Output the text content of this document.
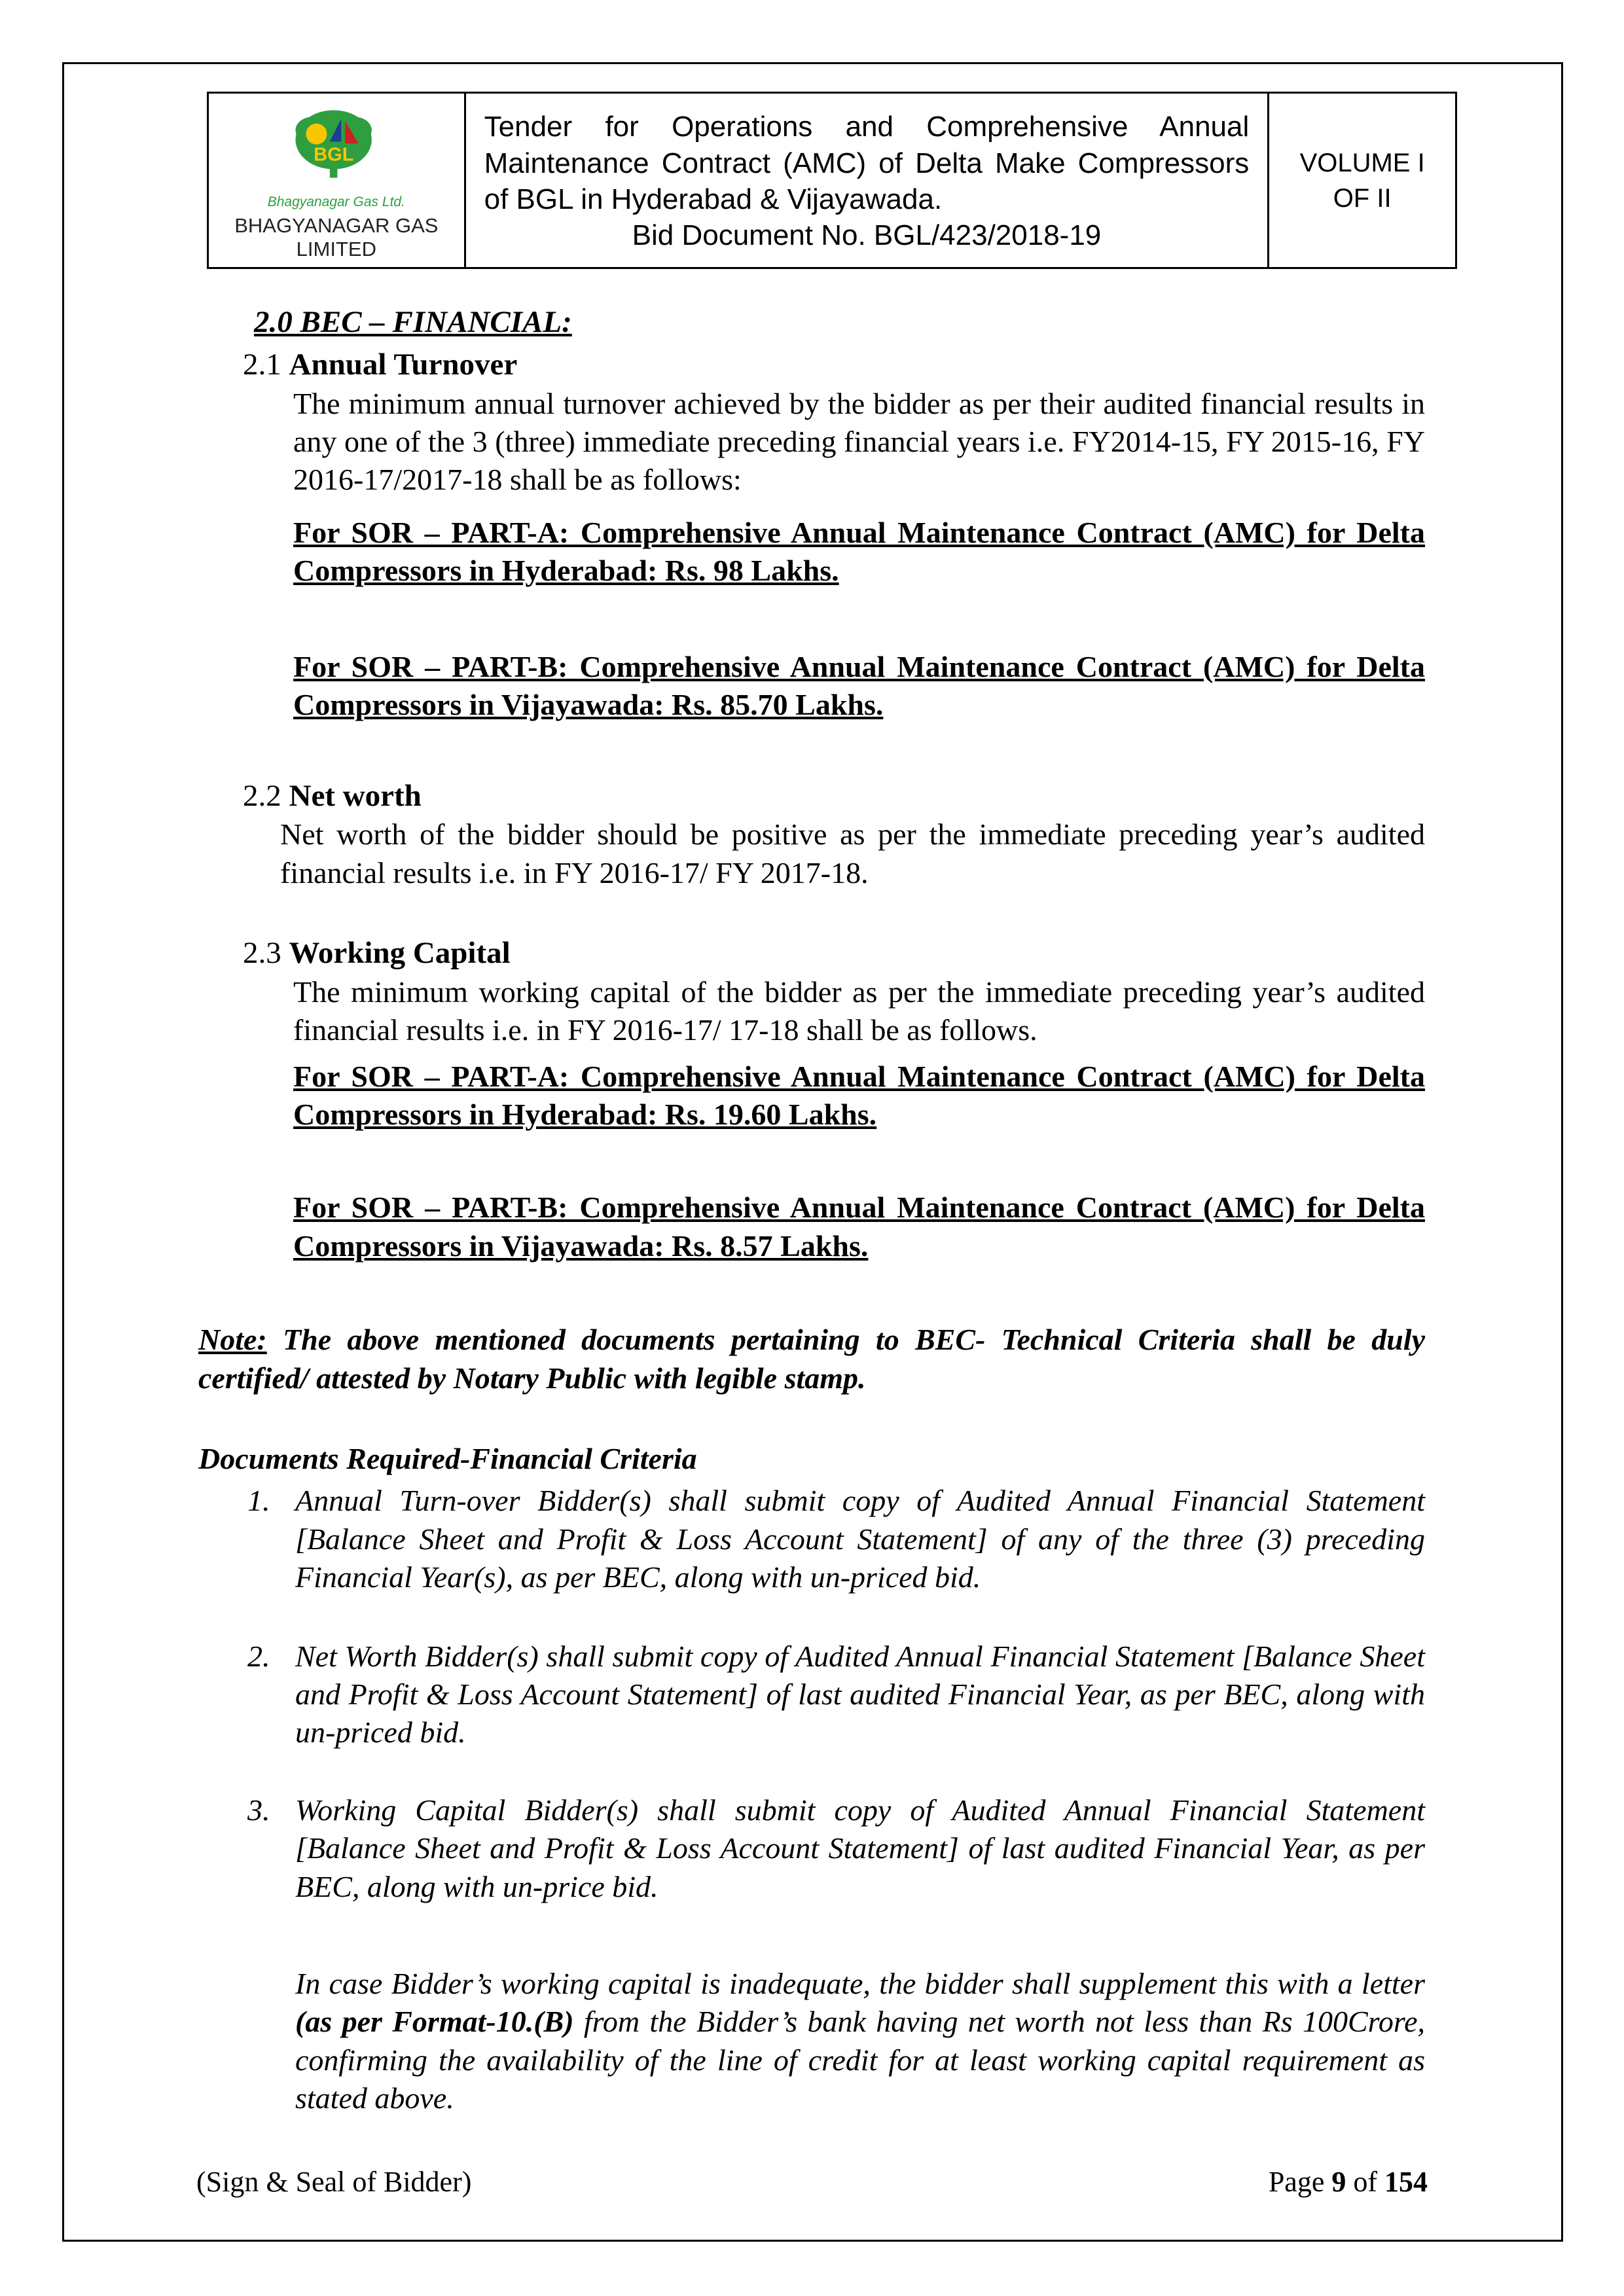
BGL
Bhagyanagar Gas Ltd.
BHAGYANAGAR GAS
LIMITED

Tender for Operations and Comprehensive Annual Maintenance Contract (AMC) of Delta Make Compressors of BGL in Hyderabad & Vijayawada.
Bid Document No. BGL/423/2018-19
	VOLUME I
OF II
2.0 BEC – FINANCIAL:
2.1 Annual Turnover
The minimum annual turnover achieved by the bidder as per their audited financial results in any one of the 3 (three) immediate preceding financial years i.e. FY2014-15, FY 2015-16, FY 2016-17/2017-18 shall be as follows:
For SOR – PART-A: Comprehensive Annual Maintenance Contract (AMC) for Delta Compressors in Hyderabad: Rs. 98 Lakhs.
For SOR – PART-B: Comprehensive Annual Maintenance Contract (AMC) for Delta Compressors in Vijayawada: Rs. 85.70 Lakhs.
2.2 Net worth
Net worth of the bidder should be positive as per the immediate preceding year’s audited financial results i.e. in FY 2016-17/ FY 2017-18.
2.3 Working Capital
The minimum working capital of the bidder as per the immediate preceding year’s audited financial results i.e. in FY 2016-17/ 17-18 shall be as follows.
For SOR – PART-A: Comprehensive Annual Maintenance Contract (AMC) for Delta Compressors in Hyderabad: Rs. 19.60 Lakhs.
For SOR – PART-B: Comprehensive Annual Maintenance Contract (AMC) for Delta Compressors in Vijayawada: Rs. 8.57 Lakhs.
Note: The above mentioned documents pertaining to BEC- Technical Criteria shall be duly certified/ attested by Notary Public with legible stamp.
Documents Required-Financial Criteria
1. Annual Turn-over Bidder(s) shall submit copy of Audited Annual Financial Statement [Balance Sheet and Profit & Loss Account Statement] of any of the three (3) preceding Financial Year(s), as per BEC, along with un-priced bid.
2. Net Worth Bidder(s) shall submit copy of Audited Annual Financial Statement [Balance Sheet and Profit & Loss Account Statement] of last audited Financial Year, as per BEC, along with un-priced bid.
3. Working Capital Bidder(s) shall submit copy of Audited Annual Financial Statement [Balance Sheet and Profit & Loss Account Statement] of last audited Financial Year, as per BEC, along with un-price bid.
In case Bidder’s working capital is inadequate, the bidder shall supplement this with a letter (as per Format-10.(B) from the Bidder’s bank having net worth not less than Rs 100Crore, confirming the availability of the line of credit for at least working capital requirement as stated above.
(Sign & Seal of Bidder)	Page 9 of 154
